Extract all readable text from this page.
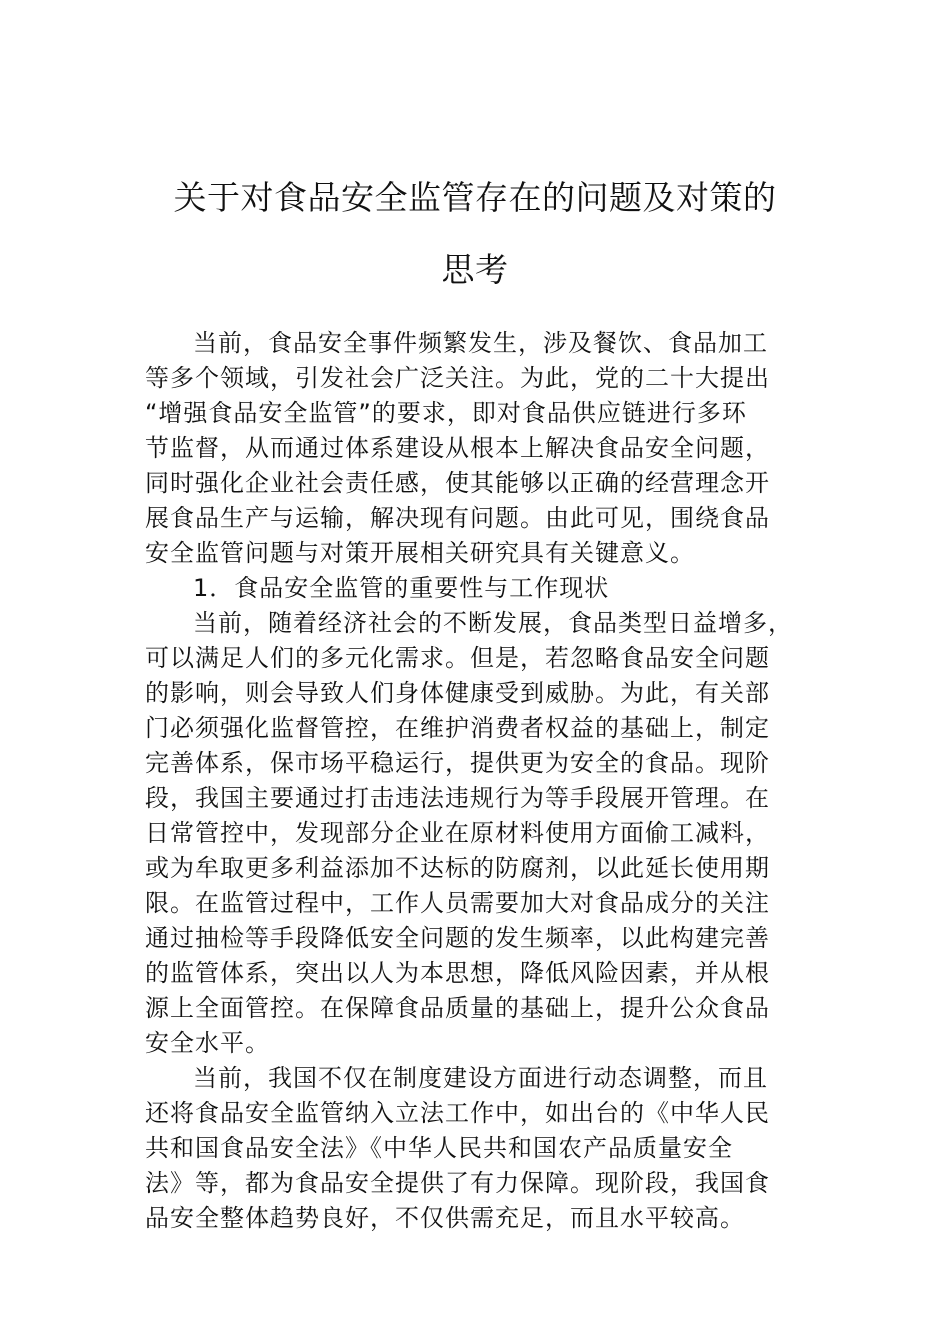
关于对食品安全监管存在的问题及对策的
思考
当前，食品安全事件频繁发生，涉及餐饮、食品加工
等多个领域，引发社会广泛关注。为此，党的二十大提出
“增强食品安全监管”的要求，即对食品供应链进行多环
节监督，从而通过体系建设从根本上解决食品安全问题，
同时强化企业社会责任感，使其能够以正确的经营理念开
展食品生产与运输，解决现有问题。由此可见，围绕食品
安全监管问题与对策开展相关研究具有关键意义。
1．食品安全监管的重要性与工作现状
当前，随着经济社会的不断发展，食品类型日益增多，
可以满足人们的多元化需求。但是，若忽略食品安全问题
的影响，则会导致人们身体健康受到威胁。为此，有关部
门必须强化监督管控，在维护消费者权益的基础上，制定
完善体系，保市场平稳运行，提供更为安全的食品。现阶
段，我国主要通过打击违法违规行为等手段展开管理。在
日常管控中，发现部分企业在原材料使用方面偷工减料，
或为牟取更多利益添加不达标的防腐剂，以此延长使用期
限。在监管过程中，工作人员需要加大对食品成分的关注
通过抽检等手段降低安全问题的发生频率，以此构建完善
的监管体系，突出以人为本思想，降低风险因素，并从根
源上全面管控。在保障食品质量的基础上，提升公众食品
安全水平。
当前，我国不仅在制度建设方面进行动态调整，而且
还将食品安全监管纳入立法工作中，如出台的《中华人民
共和国食品安全法》《中华人民共和国农产品质量安全
法》等，都为食品安全提供了有力保障。现阶段，我国食
品安全整体趋势良好，不仅供需充足，而且水平较高。
